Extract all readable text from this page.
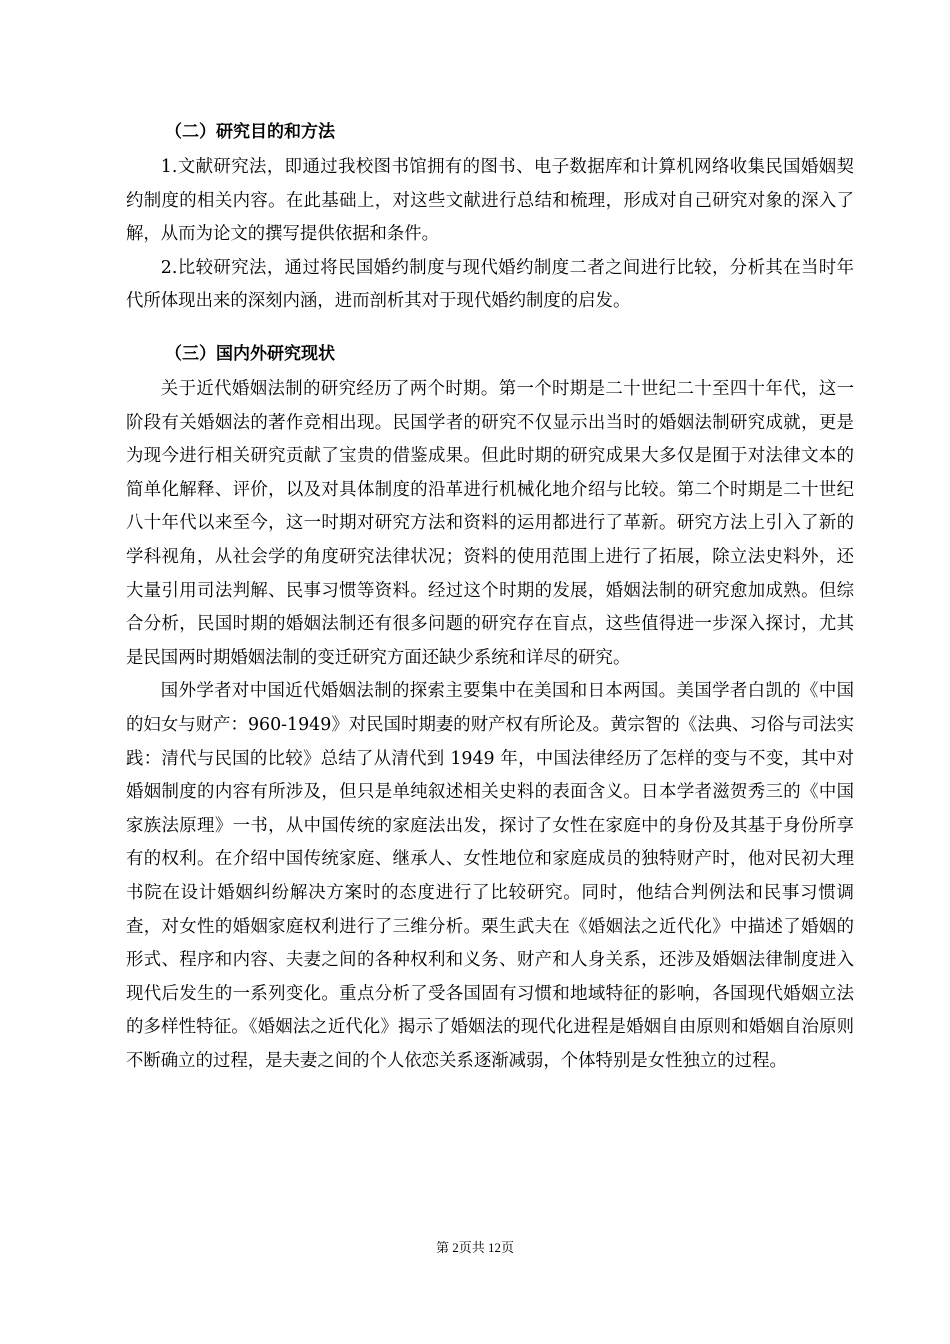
（二）研究目的和方法

1.文献研究法，即通过我校图书馆拥有的图书、电子数据库和计算机网络收集民国婚姻契约制度的相关内容。在此基础上，对这些文献进行总结和梳理，形成对自己研究对象的深入了解，从而为论文的撰写提供依据和条件。

2.比较研究法，通过将民国婚约制度与现代婚约制度二者之间进行比较，分析其在当时年代所体现出来的深刻内涵，进而剖析其对于现代婚约制度的启发。

（三）国内外研究现状

关于近代婚姻法制的研究经历了两个时期。第一个时期是二十世纪二十至四十年代，这一阶段有关婚姻法的著作竞相出现。民国学者的研究不仅显示出当时的婚姻法制研究成就，更是为现今进行相关研究贡献了宝贵的借鉴成果。但此时期的研究成果大多仅是囿于对法律文本的简单化解释、评价，以及对具体制度的沿革进行机械化地介绍与比较。第二个时期是二十世纪八十年代以来至今，这一时期对研究方法和资料的运用都进行了革新。研究方法上引入了新的学科视角，从社会学的角度研究法律状况；资料的使用范围上进行了拓展，除立法史料外，还大量引用司法判解、民事习惯等资料。经过这个时期的发展，婚姻法制的研究愈加成熟。但综合分析，民国时期的婚姻法制还有很多问题的研究存在盲点，这些值得进一步深入探讨，尤其是民国两时期婚姻法制的变迁研究方面还缺少系统和详尽的研究。

国外学者对中国近代婚姻法制的探索主要集中在美国和日本两国。美国学者白凯的《中国的妇女与财产：960-1949》对民国时期妻的财产权有所论及。黄宗智的《法典、习俗与司法实践：清代与民国的比较》总结了从清代到 1949 年，中国法律经历了怎样的变与不变，其中对婚姻制度的内容有所涉及，但只是单纯叙述相关史料的表面含义。日本学者滋贺秀三的《中国家族法原理》一书，从中国传统的家庭法出发，探讨了女性在家庭中的身份及其基于身份所享有的权利。在介绍中国传统家庭、继承人、女性地位和家庭成员的独特财产时，他对民初大理书院在设计婚姻纠纷解决方案时的态度进行了比较研究。同时，他结合判例法和民事习惯调查，对女性的婚姻家庭权利进行了三维分析。栗生武夫在《婚姻法之近代化》中描述了婚姻的形式、程序和内容、夫妻之间的各种权利和义务、财产和人身关系，还涉及婚姻法律制度进入现代后发生的一系列变化。重点分析了受各国固有习惯和地域特征的影响，各国现代婚姻立法的多样性特征。《婚姻法之近代化》揭示了婚姻法的现代化进程是婚姻自由原则和婚姻自治原则不断确立的过程，是夫妻之间的个人依恋关系逐渐减弱，个体特别是女性独立的过程。

第 2页共 12页
